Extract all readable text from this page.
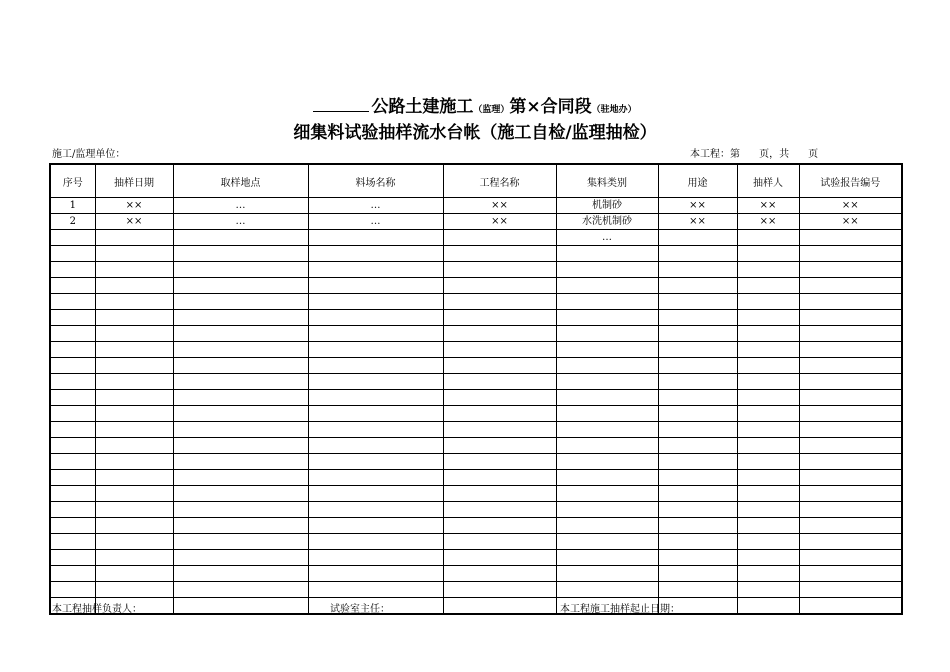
公路土建施工（监理）第×合同段（驻地办）
细集料试验抽样流水台帐（施工自检/监理抽检）
施工/监理单位：	本工程：第      页，共      页
序号	抽样日期	取样地点	料场名称	工程名称	集料类别	用途	抽样人	试验报告编号
1	××	…	…	××	机制砂	××	××	××
2	××	…	…	××	水洗机制砂	××	××	××
					…			

本工程抽样负责人：	试验室主任：	本工程施工抽样起止日期：
